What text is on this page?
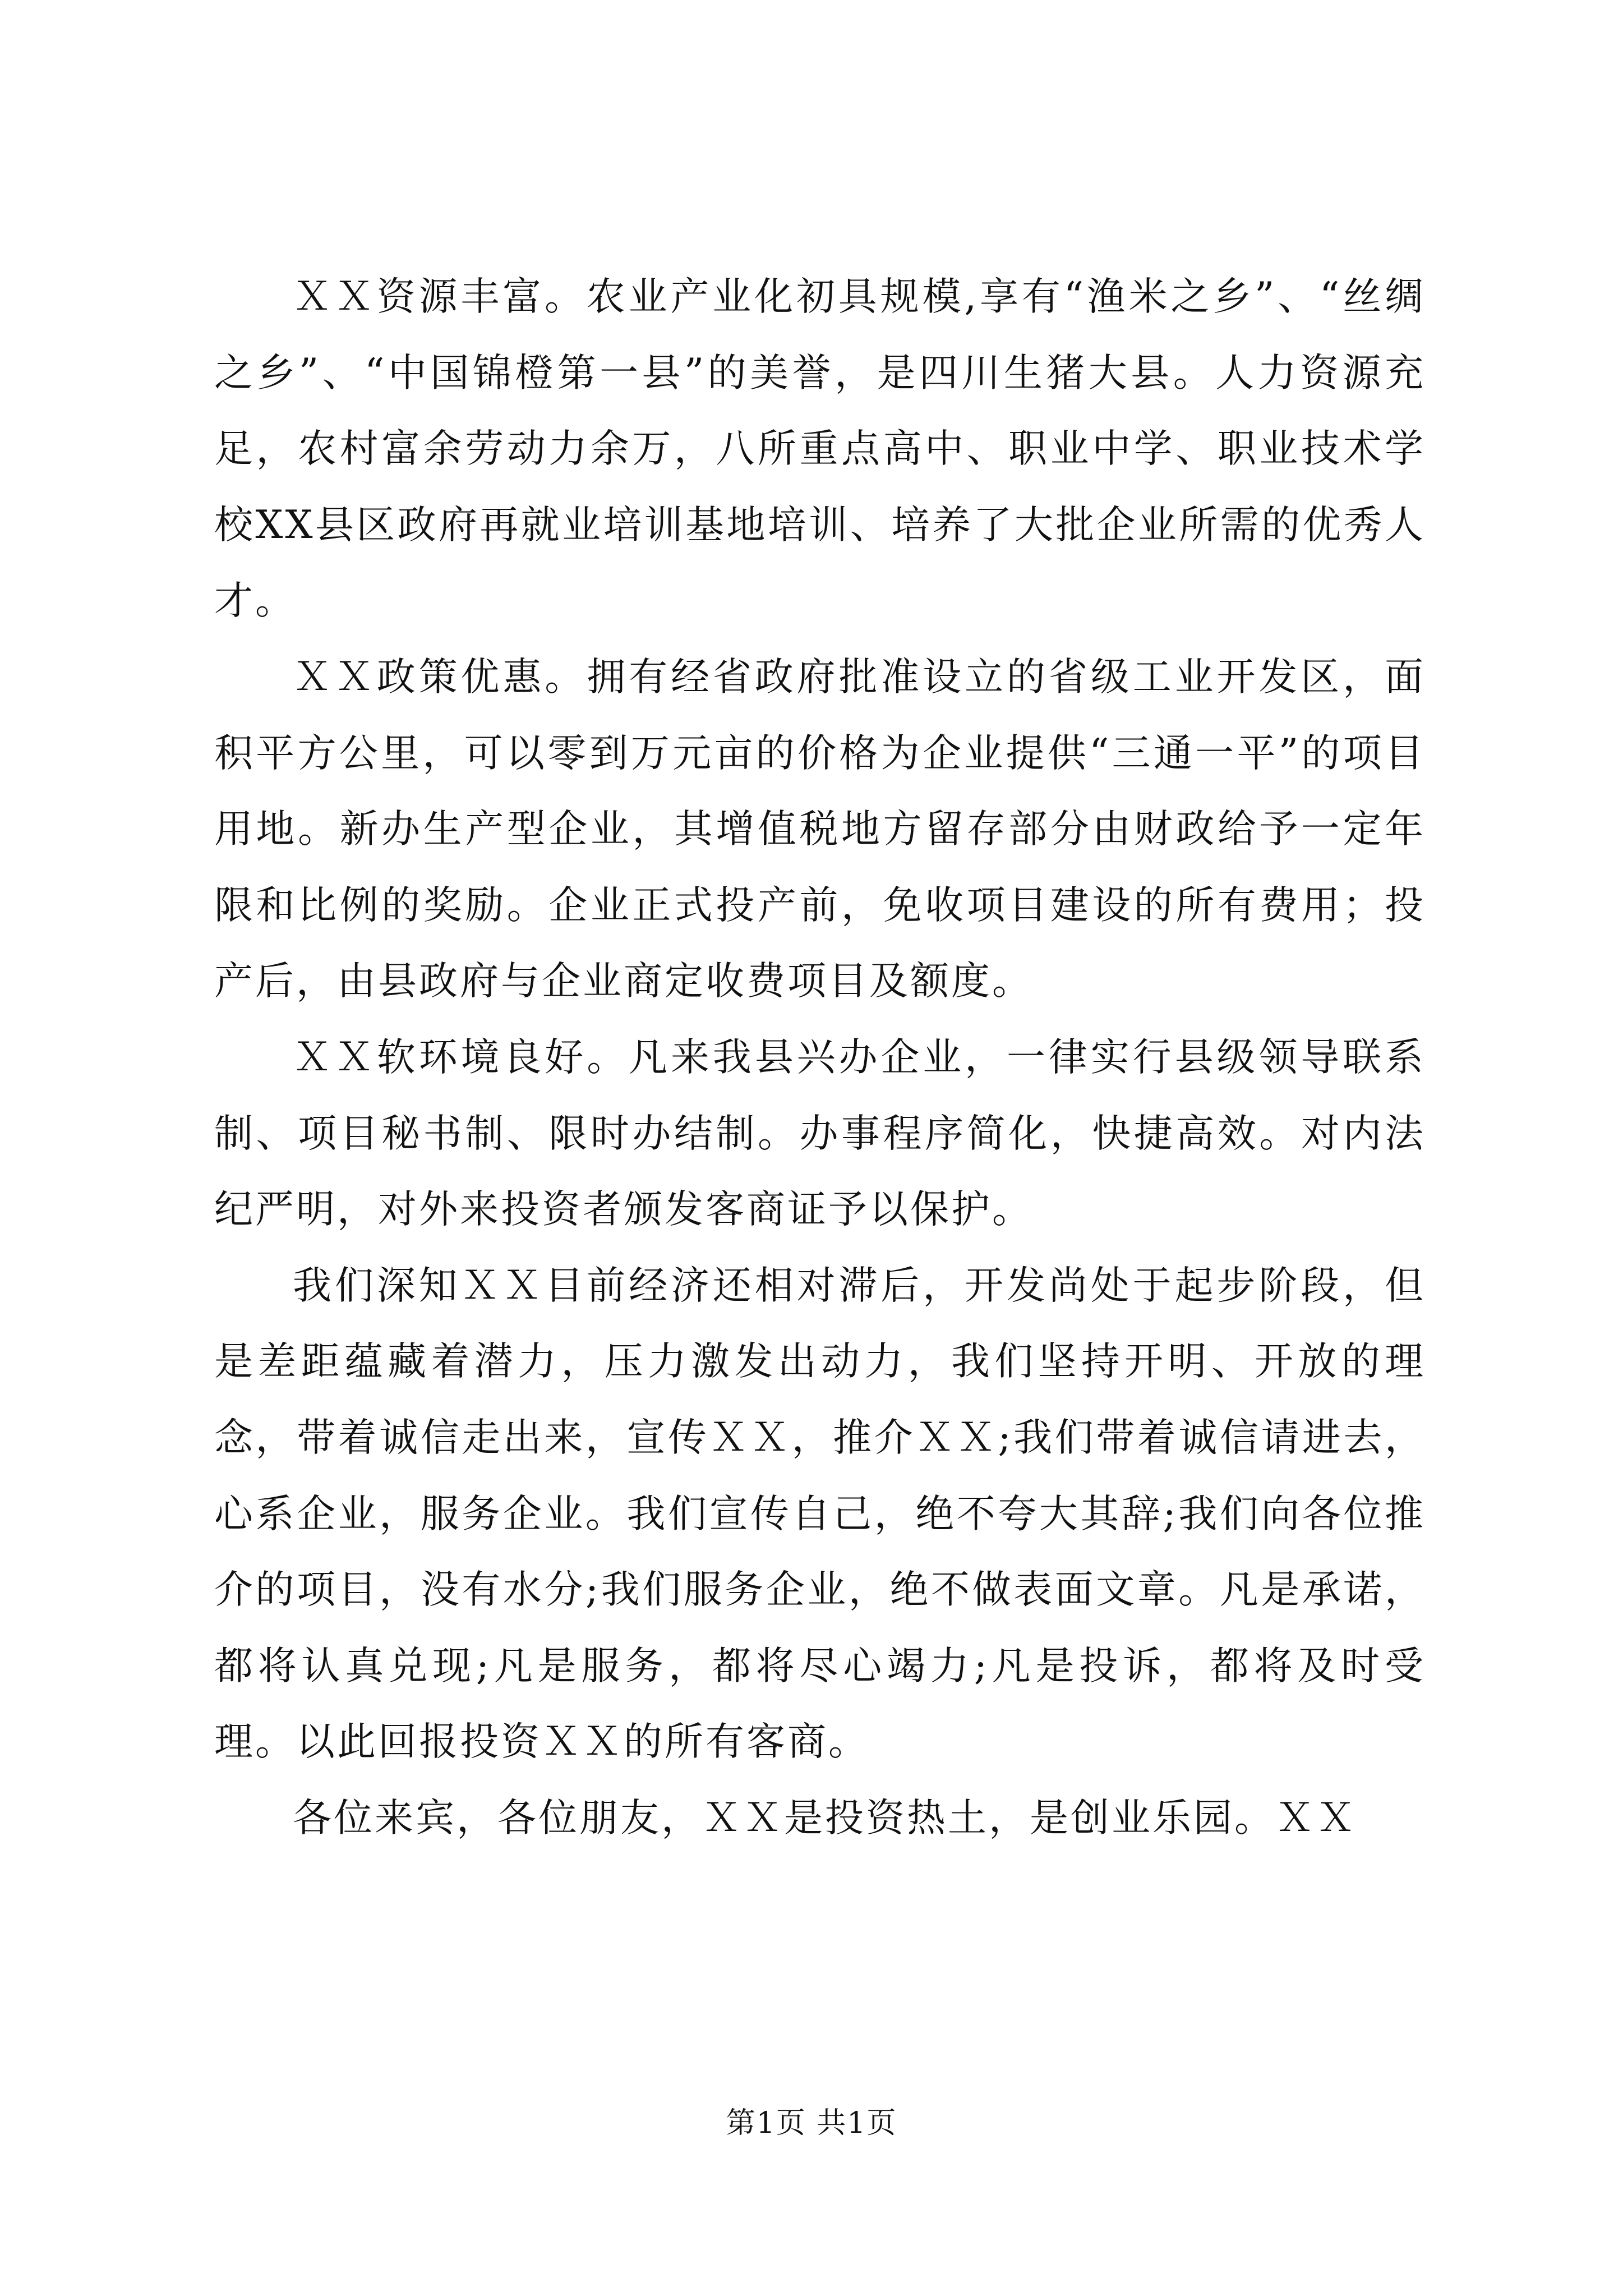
ＸＸ资源丰富。农业产业化初具规模,享有“渔米之乡”、“丝绸之乡”、“中国锦橙第一县”的美誉，是四川生猪大县。人力资源充足，农村富余劳动力余万，八所重点高中、职业中学、职业技术学校XX县区政府再就业培训基地培训、培养了大批企业所需的优秀人才。

ＸＸ政策优惠。拥有经省政府批准设立的省级工业开发区，面积平方公里，可以零到万元亩的价格为企业提供“三通一平”的项目用地。新办生产型企业，其增值税地方留存部分由财政给予一定年限和比例的奖励。企业正式投产前，免收项目建设的所有费用；投产后，由县政府与企业商定收费项目及额度。

ＸＸ软环境良好。凡来我县兴办企业，一律实行县级领导联系制、项目秘书制、限时办结制。办事程序简化，快捷高效。对内法纪严明，对外来投资者颁发客商证予以保护。

我们深知ＸＸ目前经济还相对滞后，开发尚处于起步阶段，但是差距蕴藏着潜力，压力激发出动力，我们坚持开明、开放的理念，带着诚信走出来，宣传ＸＸ，推介ＸＸ;我们带着诚信请进去，心系企业，服务企业。我们宣传自己，绝不夸大其辞;我们向各位推介的项目，没有水分;我们服务企业，绝不做表面文章。凡是承诺，都将认真兑现;凡是服务，都将尽心竭力;凡是投诉，都将及时受理。以此回报投资ＸＸ的所有客商。

各位来宾，各位朋友，ＸＸ是投资热土，是创业乐园。ＸＸ

第1页 共1页
